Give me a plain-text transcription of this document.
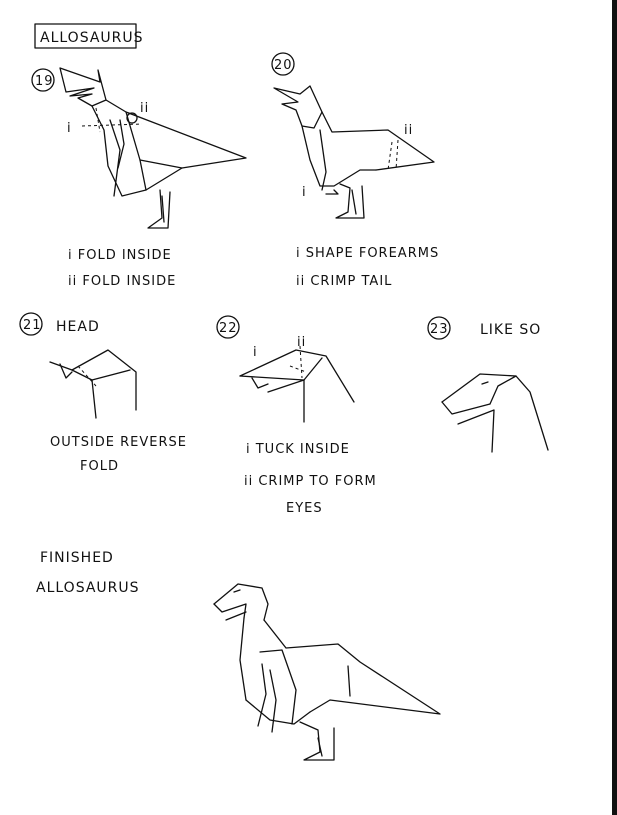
ALLOSAURUS
19
i
ii
i FOLD INSIDE
ii FOLD INSIDE
20
i
ii
i SHAPE FOREARMS
ii CRIMP TAIL
21 HEAD
OUTSIDE REVERSE
FOLD
22
i
ii
i TUCK INSIDE
ii CRIMP TO FORM
EYES
23 LIKE SO
FINISHED
ALLOSAURUS
